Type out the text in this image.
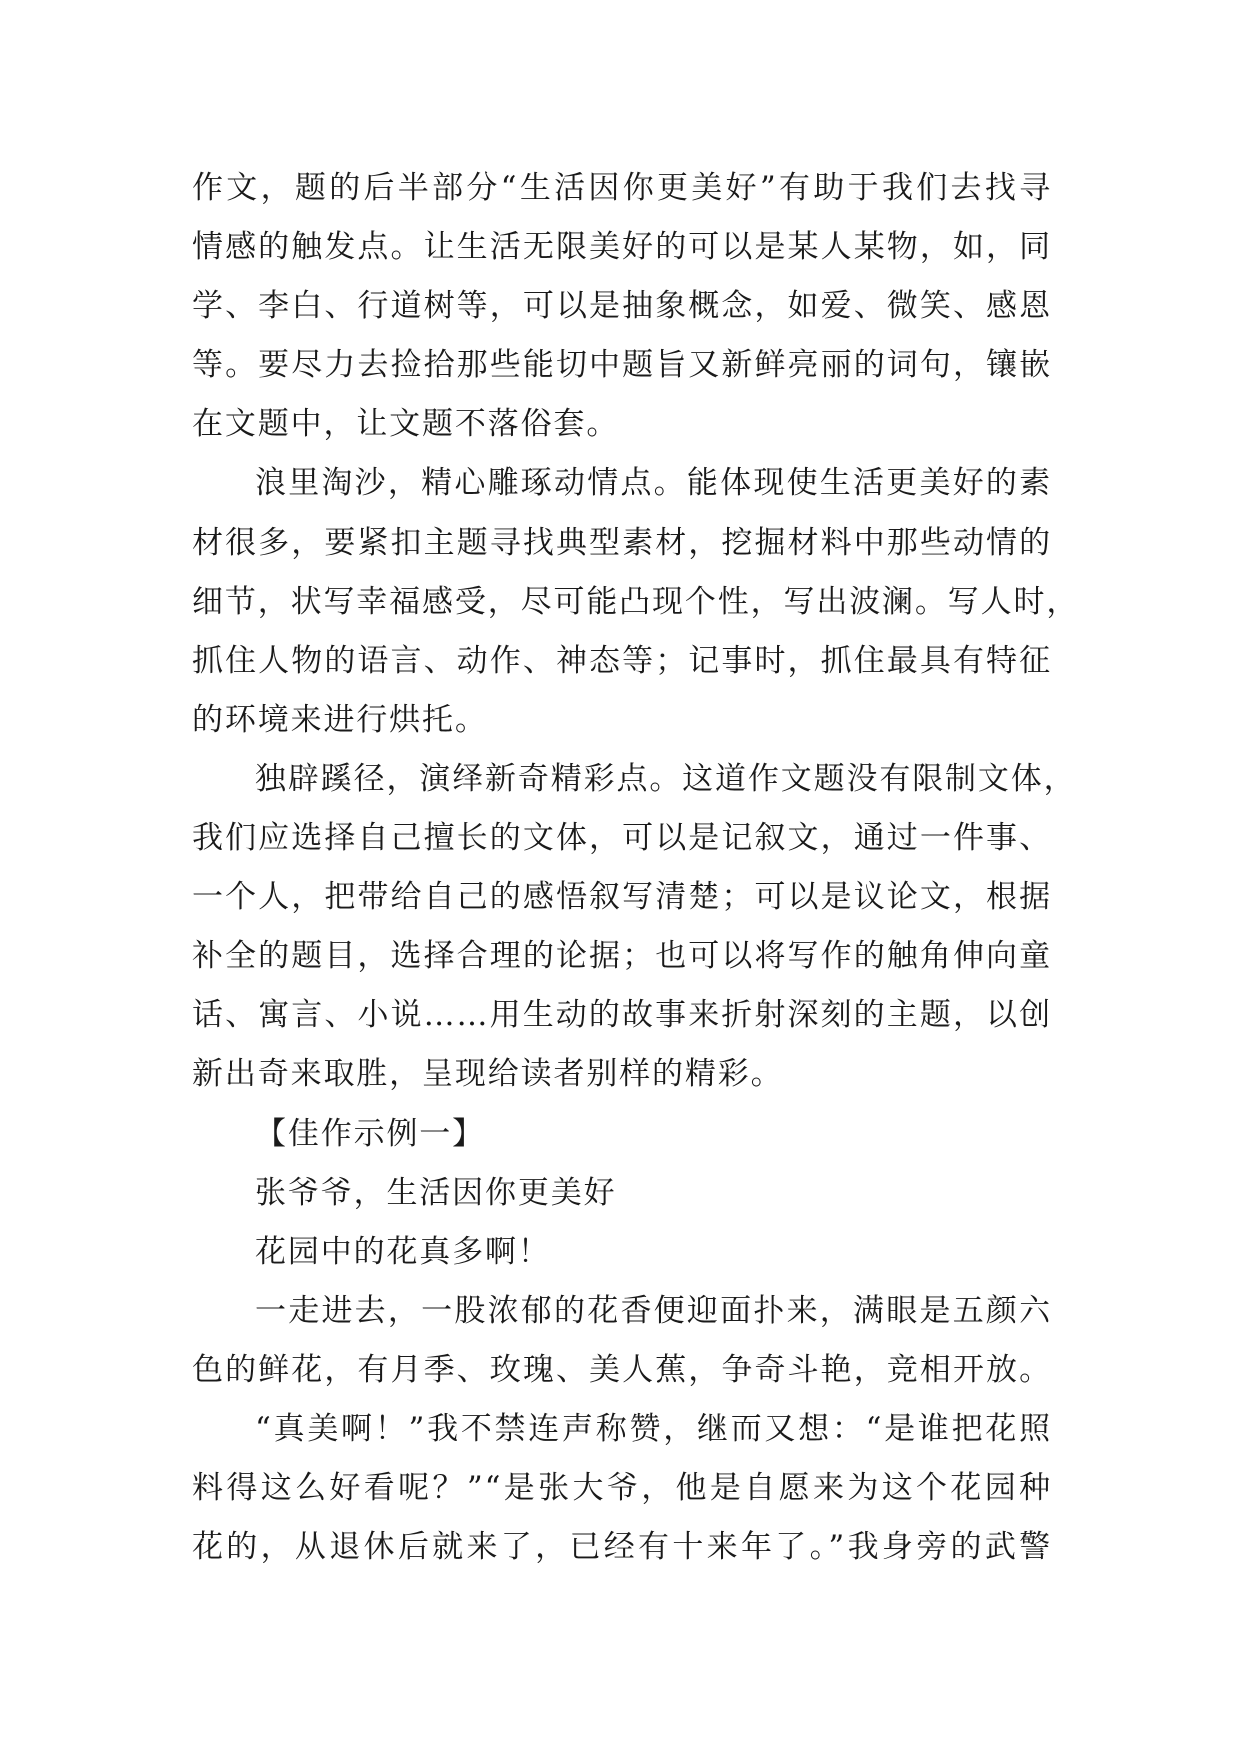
作文，题的后半部分“生活因你更美好”有助于我们去找寻
情感的触发点。让生活无限美好的可以是某人某物，如，同
学、李白、行道树等，可以是抽象概念，如爱、微笑、感恩
等。要尽力去捡拾那些能切中题旨又新鲜亮丽的词句，镶嵌
在文题中，让文题不落俗套。
浪里淘沙，精心雕琢动情点。能体现使生活更美好的素
材很多，要紧扣主题寻找典型素材，挖掘材料中那些动情的
细节，状写幸福感受，尽可能凸现个性，写出波澜。写人时，
抓住人物的语言、动作、神态等；记事时，抓住最具有特征
的环境来进行烘托。
独辟蹊径，演绎新奇精彩点。这道作文题没有限制文体，
我们应选择自己擅长的文体，可以是记叙文，通过一件事、
一个人，把带给自己的感悟叙写清楚；可以是议论文，根据
补全的题目，选择合理的论据；也可以将写作的触角伸向童
话、寓言、小说……用生动的故事来折射深刻的主题，以创
新出奇来取胜，呈现给读者别样的精彩。
【佳作示例一】
张爷爷，生活因你更美好
花园中的花真多啊！
一走进去，一股浓郁的花香便迎面扑来，满眼是五颜六
色的鲜花，有月季、玫瑰、美人蕉，争奇斗艳，竞相开放。
“真美啊！”我不禁连声称赞，继而又想：“是谁把花照
料得这么好看呢？”“是张大爷，他是自愿来为这个花园种
花的，从退休后就来了，已经有十来年了。”我身旁的武警
